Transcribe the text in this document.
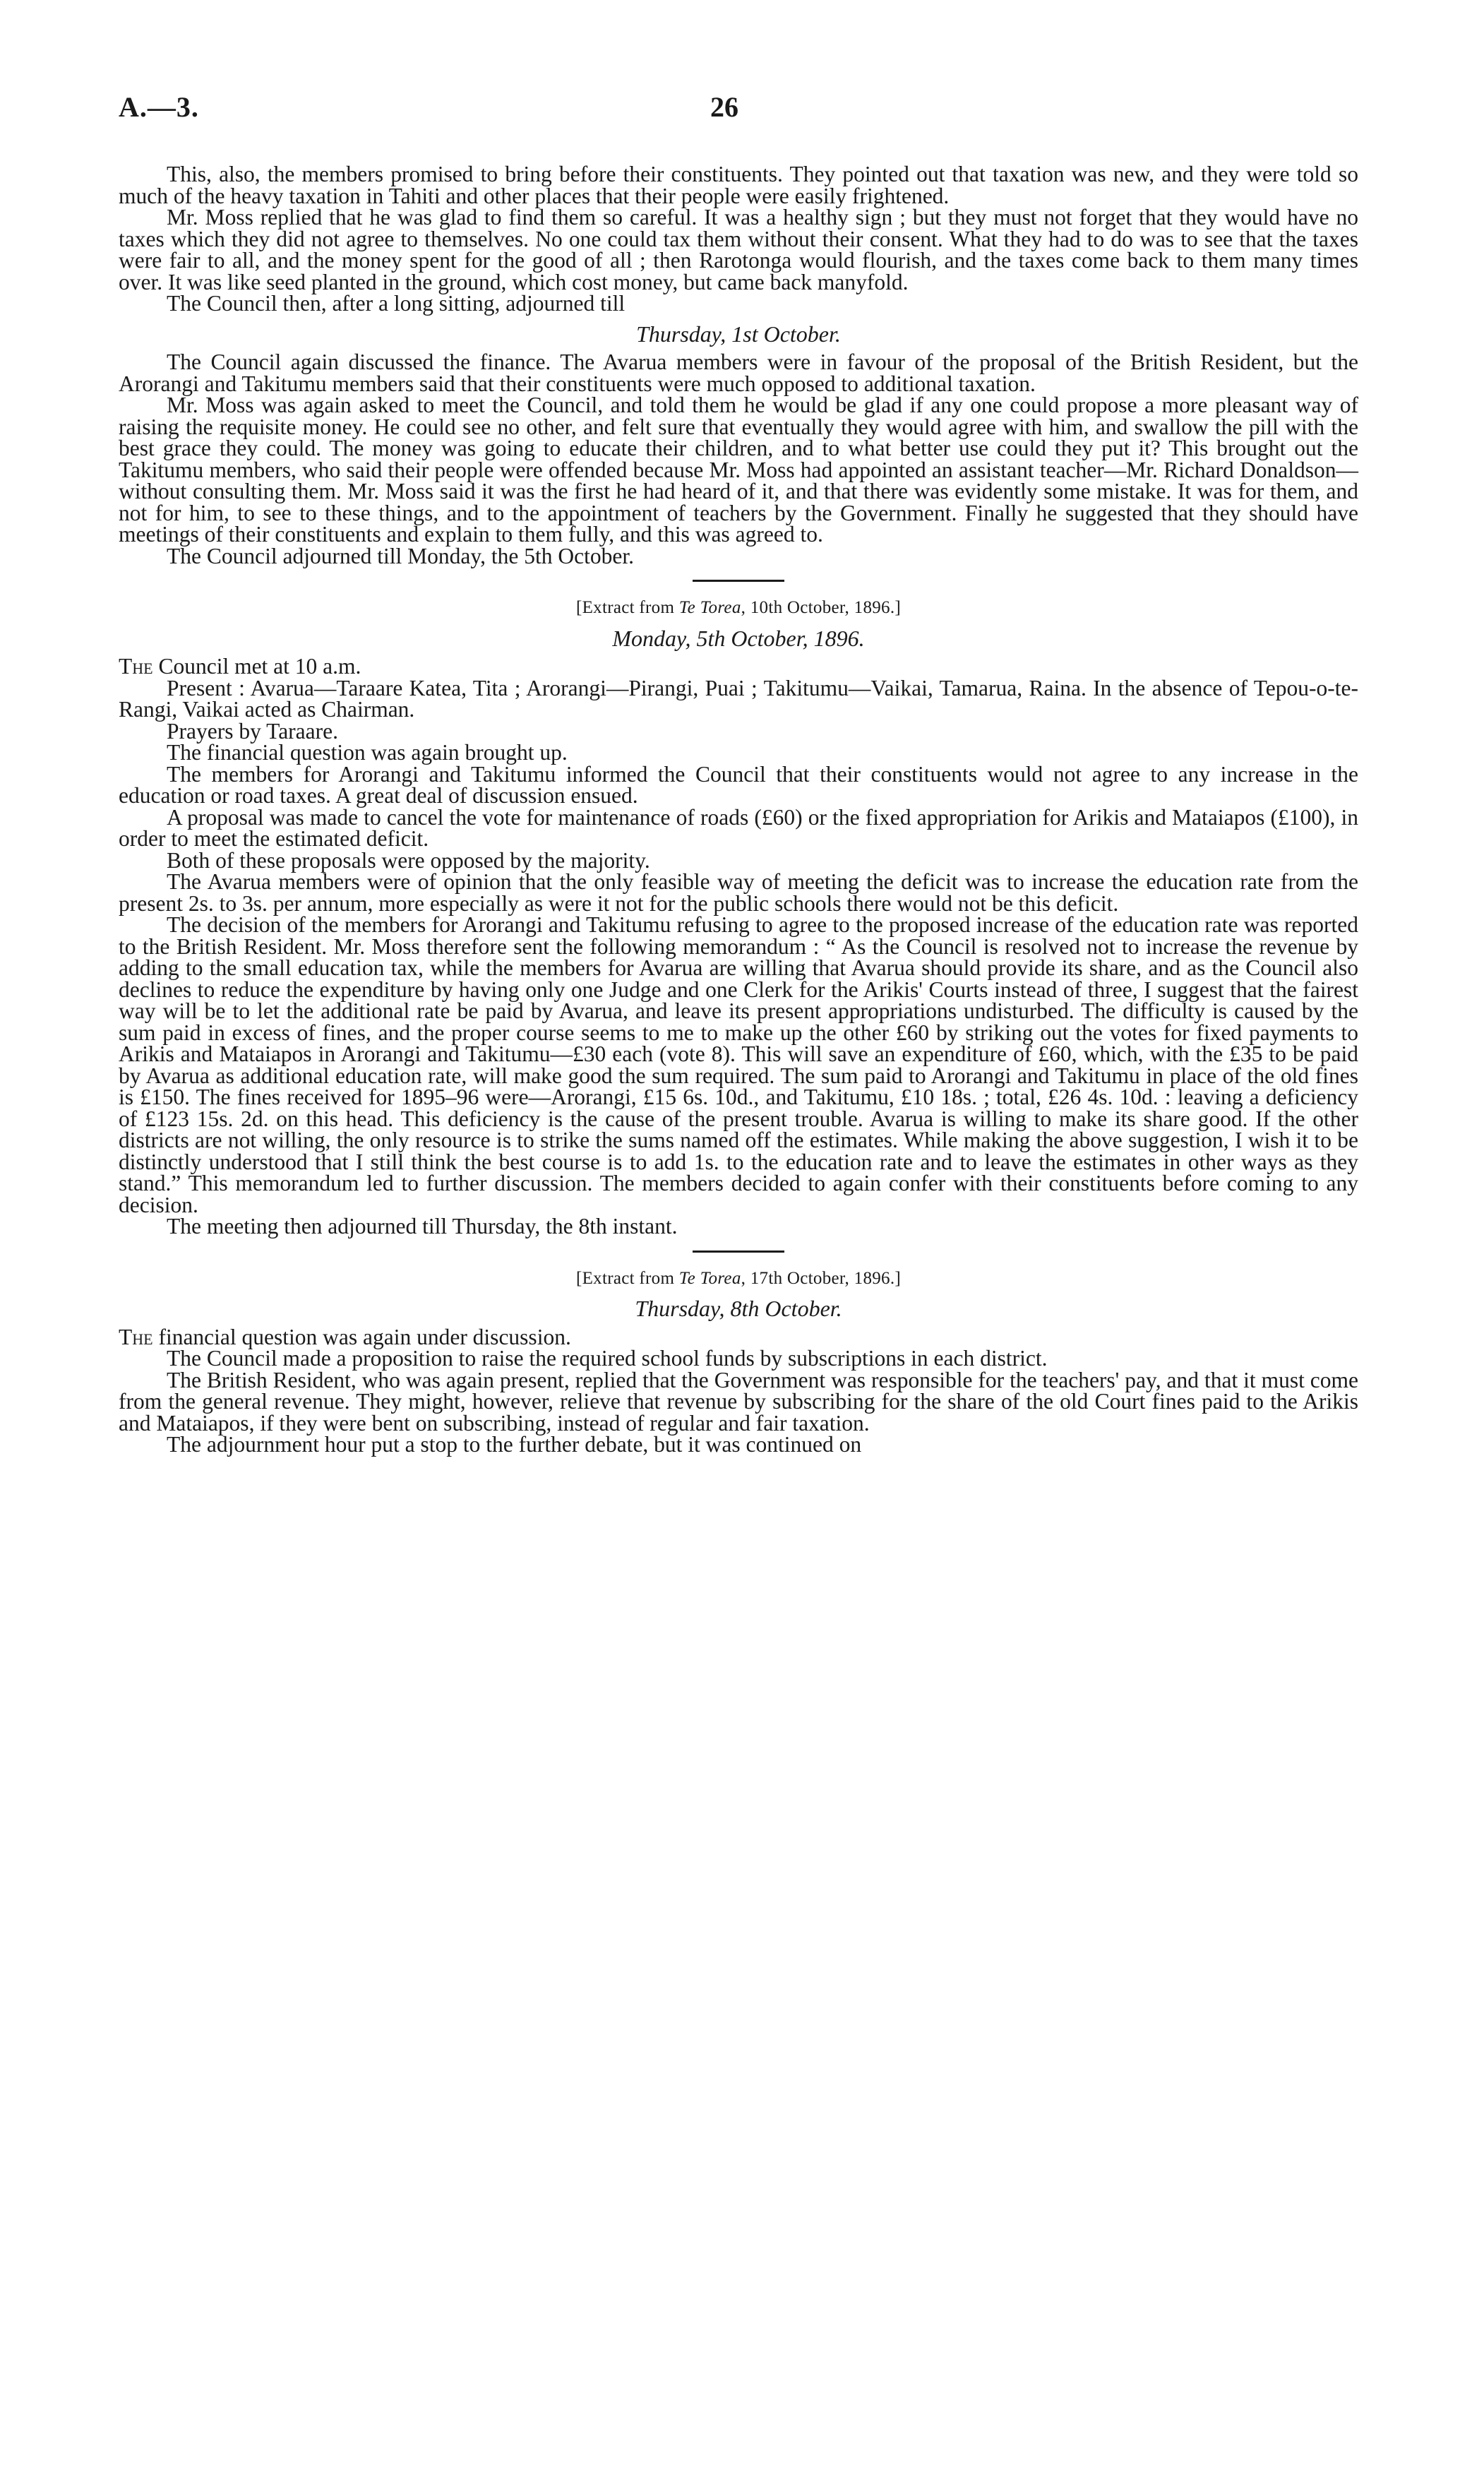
A.—3.	26

This, also, the members promised to bring before their constituents. They pointed out that taxation was new, and they were told so much of the heavy taxation in Tahiti and other places that their people were easily frightened.

Mr. Moss replied that he was glad to find them so careful. It was a healthy sign ; but they must not forget that they would have no taxes which they did not agree to themselves. No one could tax them without their consent. What they had to do was to see that the taxes were fair to all, and the money spent for the good of all ; then Rarotonga would flourish, and the taxes come back to them many times over. It was like seed planted in the ground, which cost money, but came back manyfold.

The Council then, after a long sitting, adjourned till

Thursday, 1st October.

The Council again discussed the finance. The Avarua members were in favour of the proposal of the British Resident, but the Arorangi and Takitumu members said that their constituents were much opposed to additional taxation.

Mr. Moss was again asked to meet the Council, and told them he would be glad if any one could propose a more pleasant way of raising the requisite money. He could see no other, and felt sure that eventually they would agree with him, and swallow the pill with the best grace they could. The money was going to educate their children, and to what better use could they put it? This brought out the Takitumu members, who said their people were offended because Mr. Moss had appointed an assistant teacher—Mr. Richard Donaldson—without consulting them. Mr. Moss said it was the first he had heard of it, and that there was evidently some mistake. It was for them, and not for him, to see to these things, and to the appointment of teachers by the Government. Finally he suggested that they should have meetings of their constituents and explain to them fully, and this was agreed to.

The Council adjourned till Monday, the 5th October.

[Extract from Te Torea, 10th October, 1896.]
Monday, 5th October, 1896.

The Council met at 10 a.m.

Present : Avarua—Taraare Katea, Tita ; Arorangi—Pirangi, Puai ; Takitumu—Vaikai, Tamarua, Raina. In the absence of Tepou-o-te-Rangi, Vaikai acted as Chairman.

Prayers by Taraare.

The financial question was again brought up.

The members for Arorangi and Takitumu informed the Council that their constituents would not agree to any increase in the education or road taxes. A great deal of discussion ensued.

A proposal was made to cancel the vote for maintenance of roads (£60) or the fixed appropriation for Arikis and Mataiapos (£100), in order to meet the estimated deficit.

Both of these proposals were opposed by the majority.

The Avarua members were of opinion that the only feasible way of meeting the deficit was to increase the education rate from the present 2s. to 3s. per annum, more especially as were it not for the public schools there would not be this deficit.

The decision of the members for Arorangi and Takitumu refusing to agree to the proposed increase of the education rate was reported to the British Resident. Mr. Moss therefore sent the following memorandum : “ As the Council is resolved not to increase the revenue by adding to the small education tax, while the members for Avarua are willing that Avarua should provide its share, and as the Council also declines to reduce the expenditure by having only one Judge and one Clerk for the Arikis' Courts instead of three, I suggest that the fairest way will be to let the additional rate be paid by Avarua, and leave its present appropriations undisturbed. The difficulty is caused by the sum paid in excess of fines, and the proper course seems to me to make up the other £60 by striking out the votes for fixed payments to Arikis and Mataiapos in Arorangi and Takitumu—£30 each (vote 8). This will save an expenditure of £60, which, with the £35 to be paid by Avarua as additional education rate, will make good the sum required. The sum paid to Arorangi and Takitumu in place of the old fines is £150. The fines received for 1895–96 were—Arorangi, £15 6s. 10d., and Takitumu, £10 18s. ; total, £26 4s. 10d. : leaving a deficiency of £123 15s. 2d. on this head. This deficiency is the cause of the present trouble. Avarua is willing to make its share good. If the other districts are not willing, the only resource is to strike the sums named off the estimates. While making the above suggestion, I wish it to be distinctly understood that I still think the best course is to add 1s. to the education rate and to leave the estimates in other ways as they stand.” This memorandum led to further discussion. The members decided to again confer with their constituents before coming to any decision.

The meeting then adjourned till Thursday, the 8th instant.

[Extract from Te Torea, 17th October, 1896.]
Thursday, 8th October.

The financial question was again under discussion.

The Council made a proposition to raise the required school funds by subscriptions in each district.

The British Resident, who was again present, replied that the Government was responsible for the teachers' pay, and that it must come from the general revenue. They might, however, relieve that revenue by subscribing for the share of the old Court fines paid to the Arikis and Mataiapos, if they were bent on subscribing, instead of regular and fair taxation.

The adjournment hour put a stop to the further debate, but it was continued on
